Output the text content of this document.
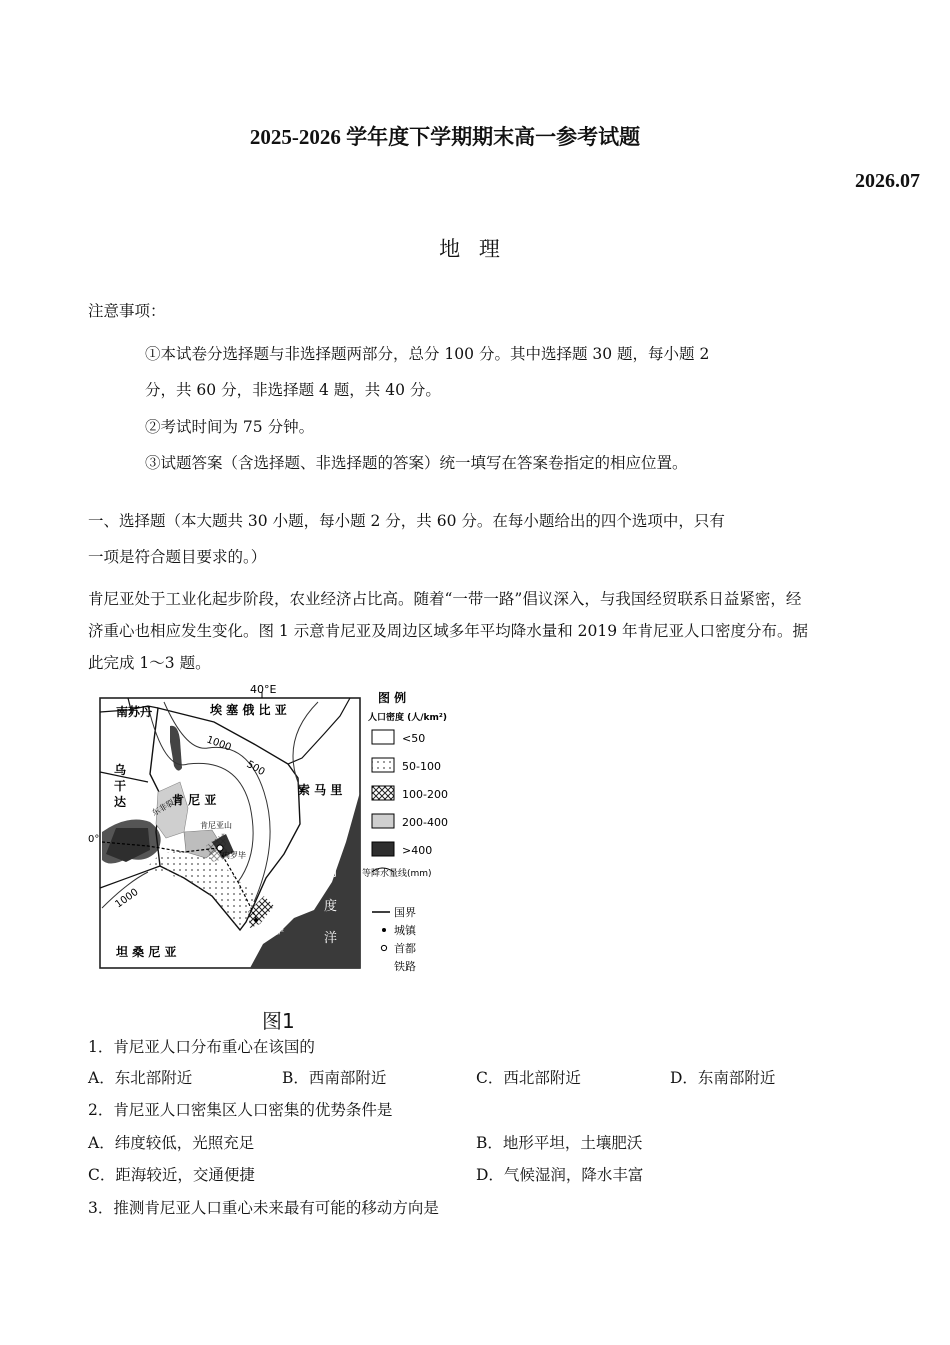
2025-2026 学年度下学期期末高一参考试题
2026.07
地 理
注意事项：
①本试卷分选择题与非选择题两部分，总分 100 分。其中选择题 30 题，每小题 2
分，共 60 分，非选择题 4 题，共 40 分。
②考试时间为 75 分钟。
③试题答案（含选择题、非选择题的答案）统一填写在答案卷指定的相应位置。
一、选择题（本大题共 30 小题，每小题 2 分，共 60 分。在每小题给出的四个选项中，只有
一项是符合题目要求的。）
肯尼亚处于工业化起步阶段，农业经济占比高。随着“一带一路”倡议深入，与我国经贸联系日益紧密，经
济重心也相应发生变化。图 1 示意肯尼亚及周边区域多年平均降水量和 2019 年肯尼亚人口密度分布。据
此完成 1～3 题。
40°E
0°
南苏丹	埃 塞 俄 比 亚
乌
干
达	肯 尼 亚
索 马 里
坦 桑 尼 亚
印
度
洋
1000
500
1000
东非裂谷
肯尼亚山
内罗毕
蒙巴萨
图 例
人口密度 (人/km²)
<50
50-100
100-200
200-400
>400
等降水量线(mm)
国界
城镇
首都
铁路
图1
1．肯尼亚人口分布重心在该国的
A．东北部附近	B．西南部附近	C．西北部附近	D．东南部附近
2．肯尼亚人口密集区人口密集的优势条件是
A．纬度较低，光照充足	B．地形平坦，土壤肥沃
C．距海较近，交通便捷	D．气候湿润，降水丰富
3．推测肯尼亚人口重心未来最有可能的移动方向是
